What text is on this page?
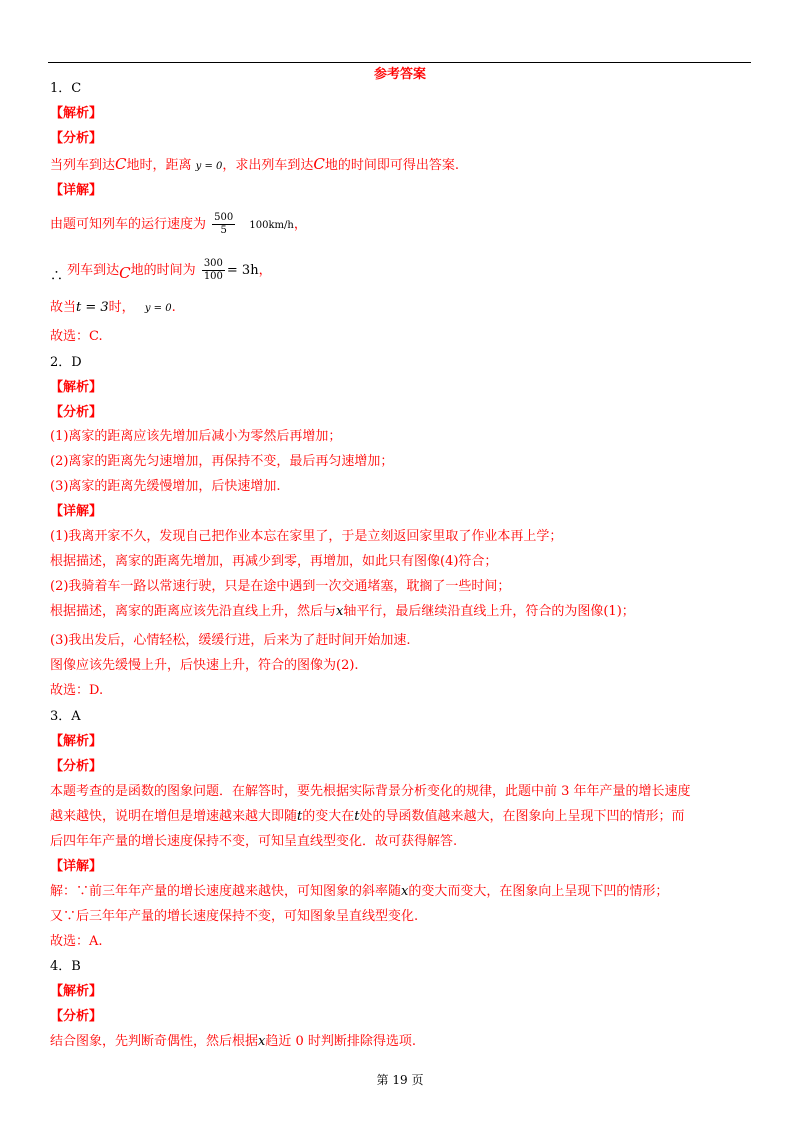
参考答案
1．C
【解析】
【分析】
当列车到达C地时，距离 y = 0，求出列车到达C地的时间即可得出答案.
【详解】
由题可知列车的运行速度为 $\frac{500}{5} 100km/h$，
∴ 列车到达C地的时间为 $\frac{300}{100} = 3h$，
故当t = 3时， y = 0.
故选：C.
2．D
【解析】
【分析】
(1)离家的距离应该先增加后减小为零然后再增加；
(2)离家的距离先匀速增加，再保持不变，最后再匀速增加；
(3)离家的距离先缓慢增加，后快速增加.
【详解】
(1)我离开家不久，发现自己把作业本忘在家里了，于是立刻返回家里取了作业本再上学；
根据描述，离家的距离先增加，再减少到零，再增加，如此只有图像(4)符合；
(2)我骑着车一路以常速行驶，只是在途中遇到一次交通堵塞，耽搁了一些时间；
根据描述，离家的距离应该先沿直线上升，然后与x轴平行，最后继续沿直线上升，符合的为图像(1)；
(3)我出发后，心情轻松，缓缓行进，后来为了赶时间开始加速.
图像应该先缓慢上升，后快速上升，符合的图像为(2).
故选：D.
3．A
【解析】
【分析】
本题考查的是函数的图象问题．在解答时，要先根据实际背景分析变化的规律，此题中前 3 年年产量的增长速度
越来越快，说明在增但是增速越来越大即随t的变大在t处的导函数值越来越大，在图象向上呈现下凹的情形；而
后四年年产量的增长速度保持不变，可知呈直线型变化．故可获得解答.
【详解】
解：∵前三年年产量的增长速度越来越快，可知图象的斜率随x的变大而变大，在图象向上呈现下凹的情形；
又∵后三年年产量的增长速度保持不变，可知图象呈直线型变化.
故选：A.
4．B
【解析】
【分析】
结合图象，先判断奇偶性，然后根据x趋近 0 时判断排除得选项.
第 19 页
